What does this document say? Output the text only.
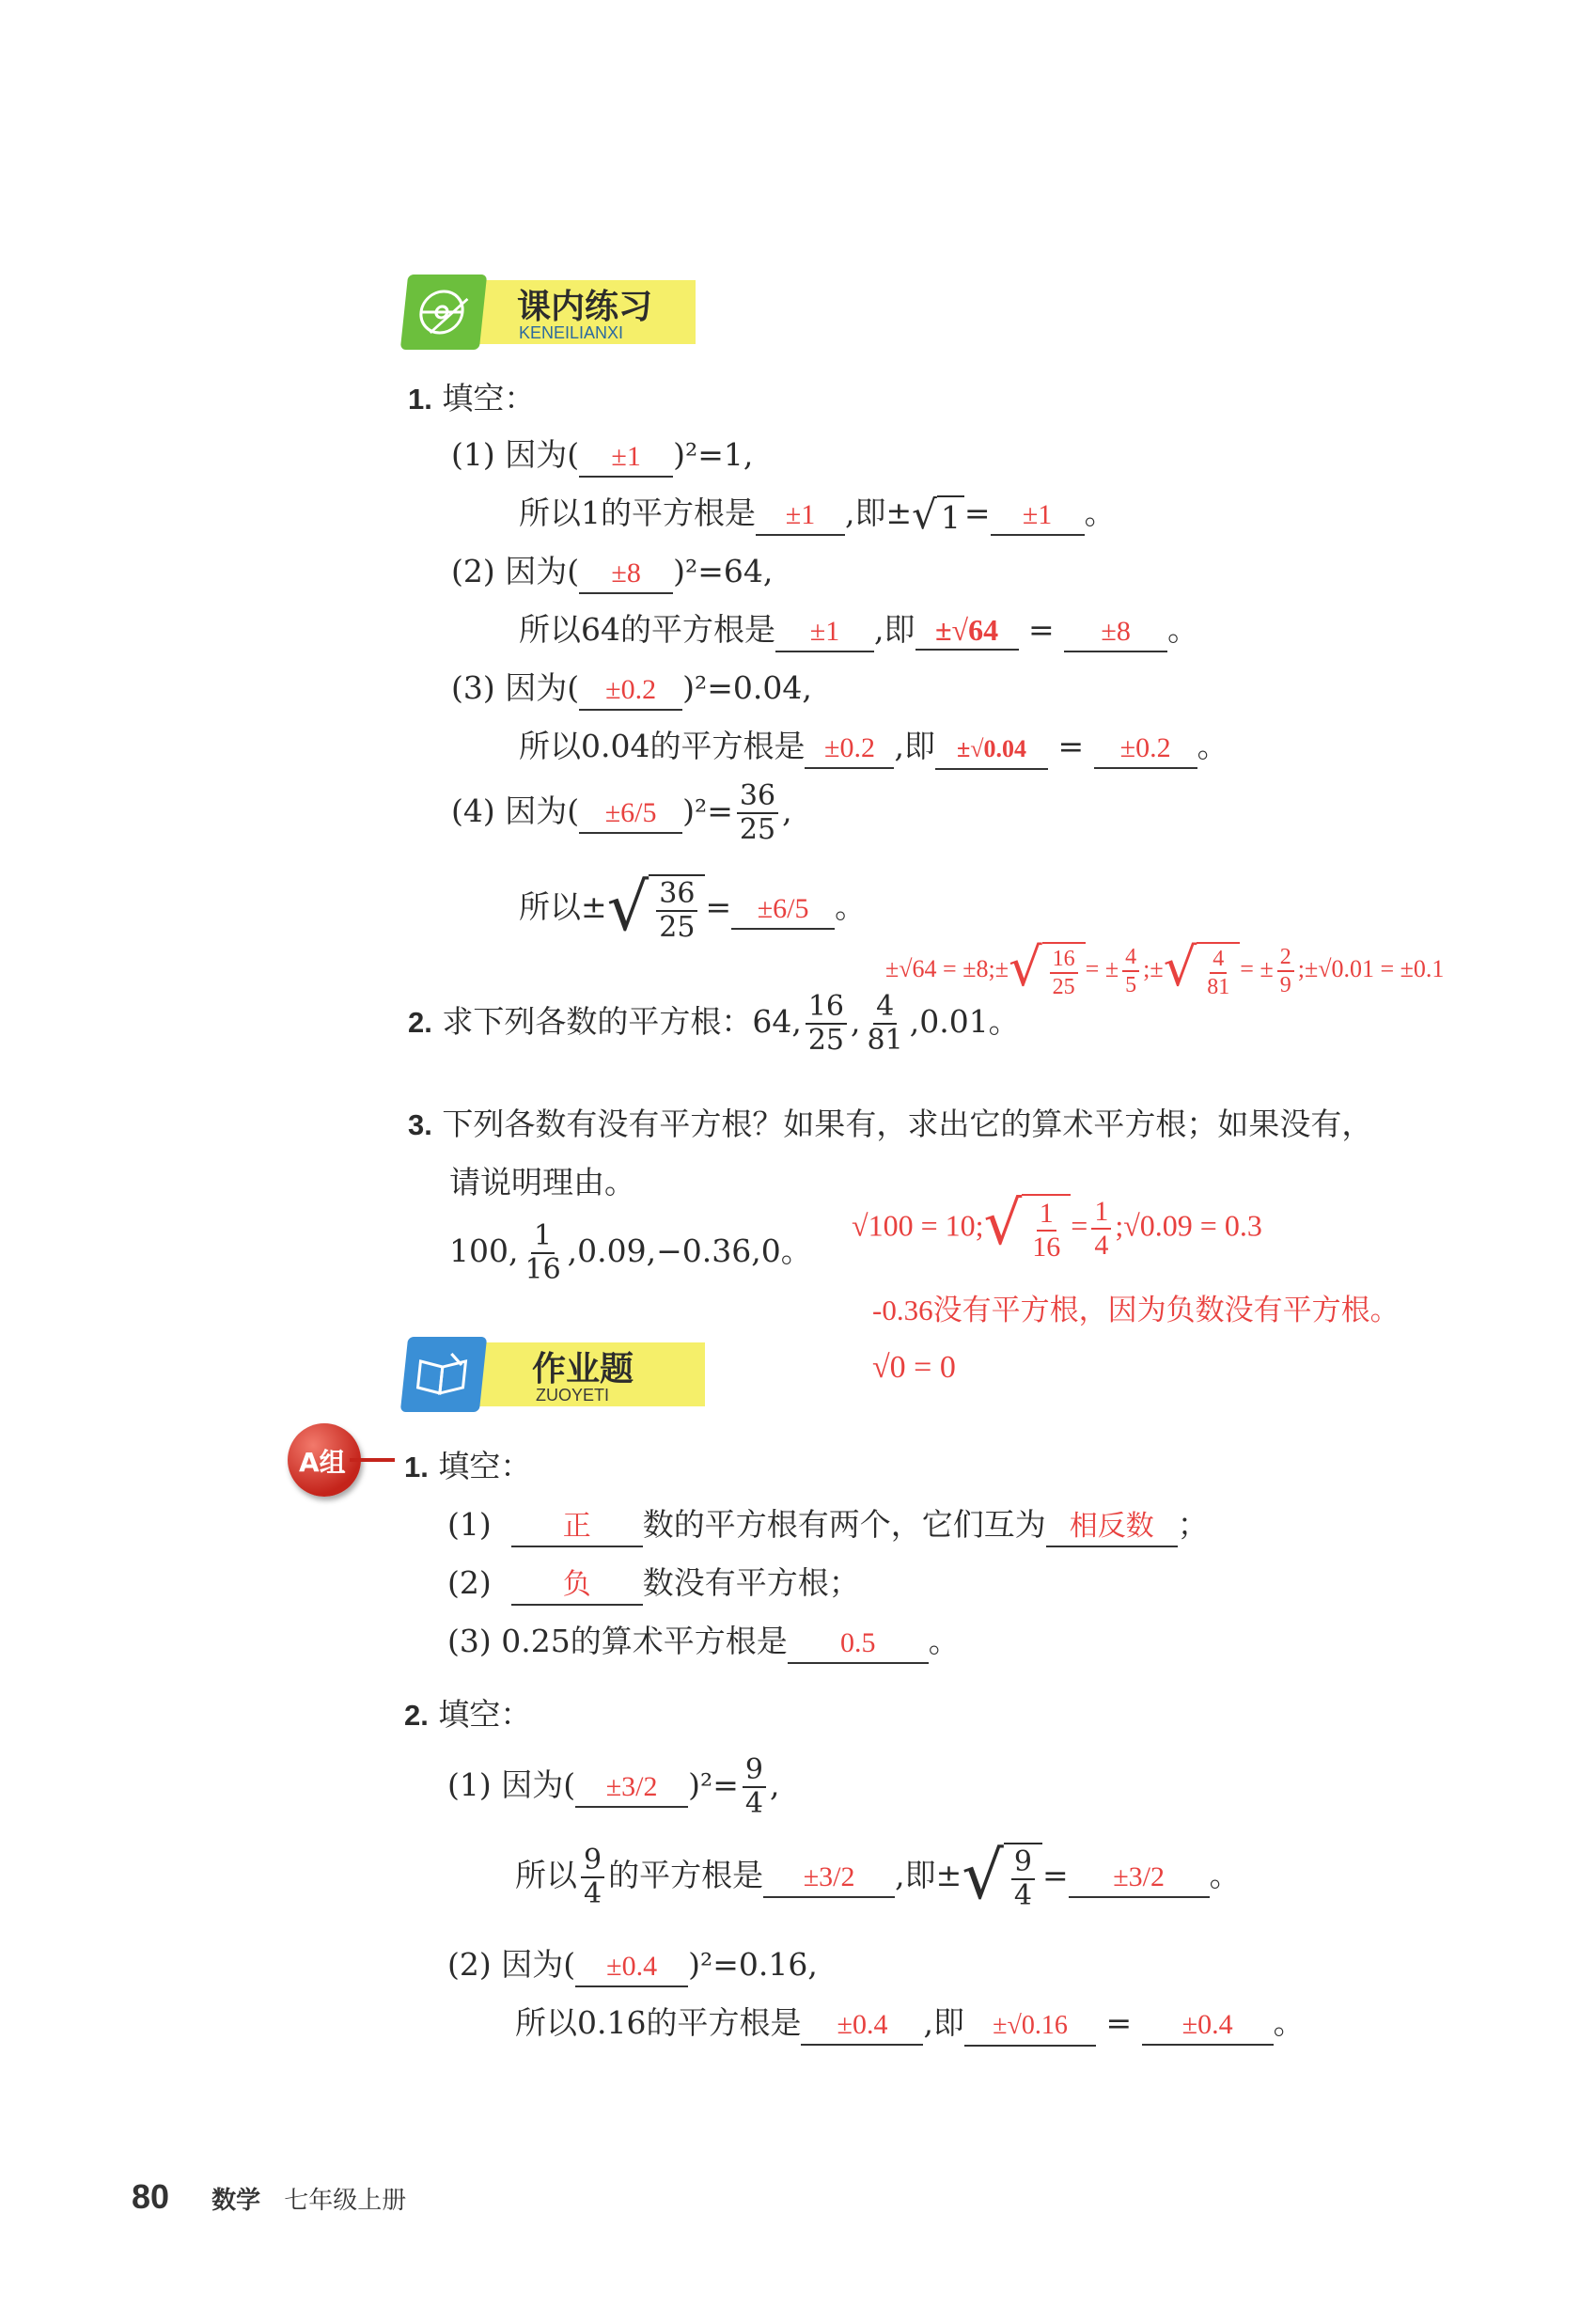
课内练习
KENEILIANXI
1. 填空：
(1) 因为( ±1 )²=1,
所以1的平方根是 ±1 ,即± √ 1 = ±1 。
(2) 因为( ±8 )²=64,
所以64的平方根是 ±1 ,即 ±√64 = ±8 。
(3) 因为( ±0.2 )²=0.04,
所以0.04的平方根是 ±0.2 ,即 ±√0.04 = ±0.2 。
(4) 因为( ±6/5 )$^2= \frac{36}{25}$ ,
所以± √ $\frac{36}{25} = \pm 6/5$ 。
±√64 = ±8;± √ $\frac{16}{25}$ = ± $\frac{4}{5}$ ;± √ $\frac{4}{81}$ = ± $\frac{2}{9}$ ;±√0.01 = ±0.1
2. 求下列各数的平方根：64, $\frac{16}{25}$ , $\frac{4}{81} ,0.01$。
3. 下列各数有没有平方根？如果有，求出它的算术平方根；如果没有，
请说明理由。
100, $\frac{1}{16} ,0.09,-0.36,0$。
√100 = 10; √ $\frac{1}{16} = \frac{1}{4}$ ;√0.09 = 0.3
-0.36没有平方根，因为负数没有平方根。
√0 = 0
作业题
ZUOYETI
A组 1. 填空：
(1)	正 数的平方根有两个，它们互为 相反数 ；
(2)	负 数没有平方根；
(3) 0.25的算术平方根是 0.5 。
2. 填空：
(1) 因为( ±3/2 )$^2= \frac{9}{4}$ ,
所以 $\frac{9}{4}$ 的平方根是 ±3/2 ,即± √ $\frac{9}{4} = \pm 3/2$ 。
(2) 因为( ±0.4 )²=0.16,
所以0.16的平方根是 ±0.4 ,即 ±√0.16 = ±0.4 。
80 数学 七年级上册
